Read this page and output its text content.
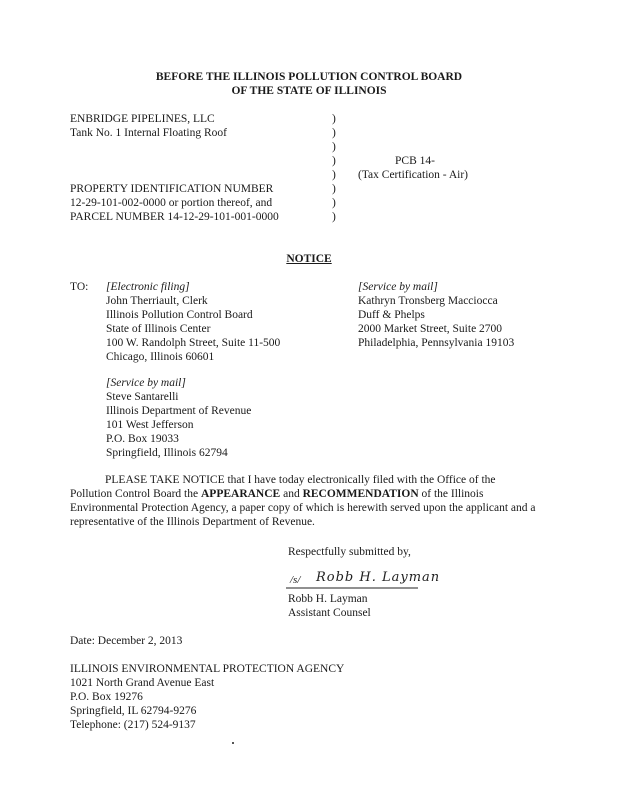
BEFORE THE ILLINOIS POLLUTION CONTROL BOARD
OF THE STATE OF ILLINOIS
ENBRIDGE PIPELINES, LLC
Tank No. 1 Internal Floating Roof
PROPERTY IDENTIFICATION NUMBER
12-29-101-002-0000 or portion thereof, and
PARCEL NUMBER 14-12-29-101-001-0000
)
)
)
)
)
)
)
)
PCB 14-
(Tax Certification - Air)
NOTICE
TO: [Electronic filing]
John Therriault, Clerk
Illinois Pollution Control Board
State of Illinois Center
100 W. Randolph Street, Suite 11-500
Chicago, Illinois 60601
[Service by mail]
Kathryn Tronsberg Macciocca
Duff & Phelps
2000 Market Street, Suite 2700
Philadelphia, Pennsylvania 19103
[Service by mail]
Steve Santarelli
Illinois Department of Revenue
101 West Jefferson
P.O. Box 19033
Springfield, Illinois 62794
PLEASE TAKE NOTICE that I have today electronically filed with the Office of the Pollution Control Board the APPEARANCE and RECOMMENDATION of the Illinois Environmental Protection Agency, a paper copy of which is herewith served upon the applicant and a representative of the Illinois Department of Revenue.
Respectfully submitted by,
/s/ Robb H. Layman
Robb H. Layman
Assistant Counsel
Date: December 2, 2013
ILLINOIS ENVIRONMENTAL PROTECTION AGENCY
1021 North Grand Avenue East
P.O. Box 19276
Springfield, IL 62794-9276
Telephone: (217) 524-9137
